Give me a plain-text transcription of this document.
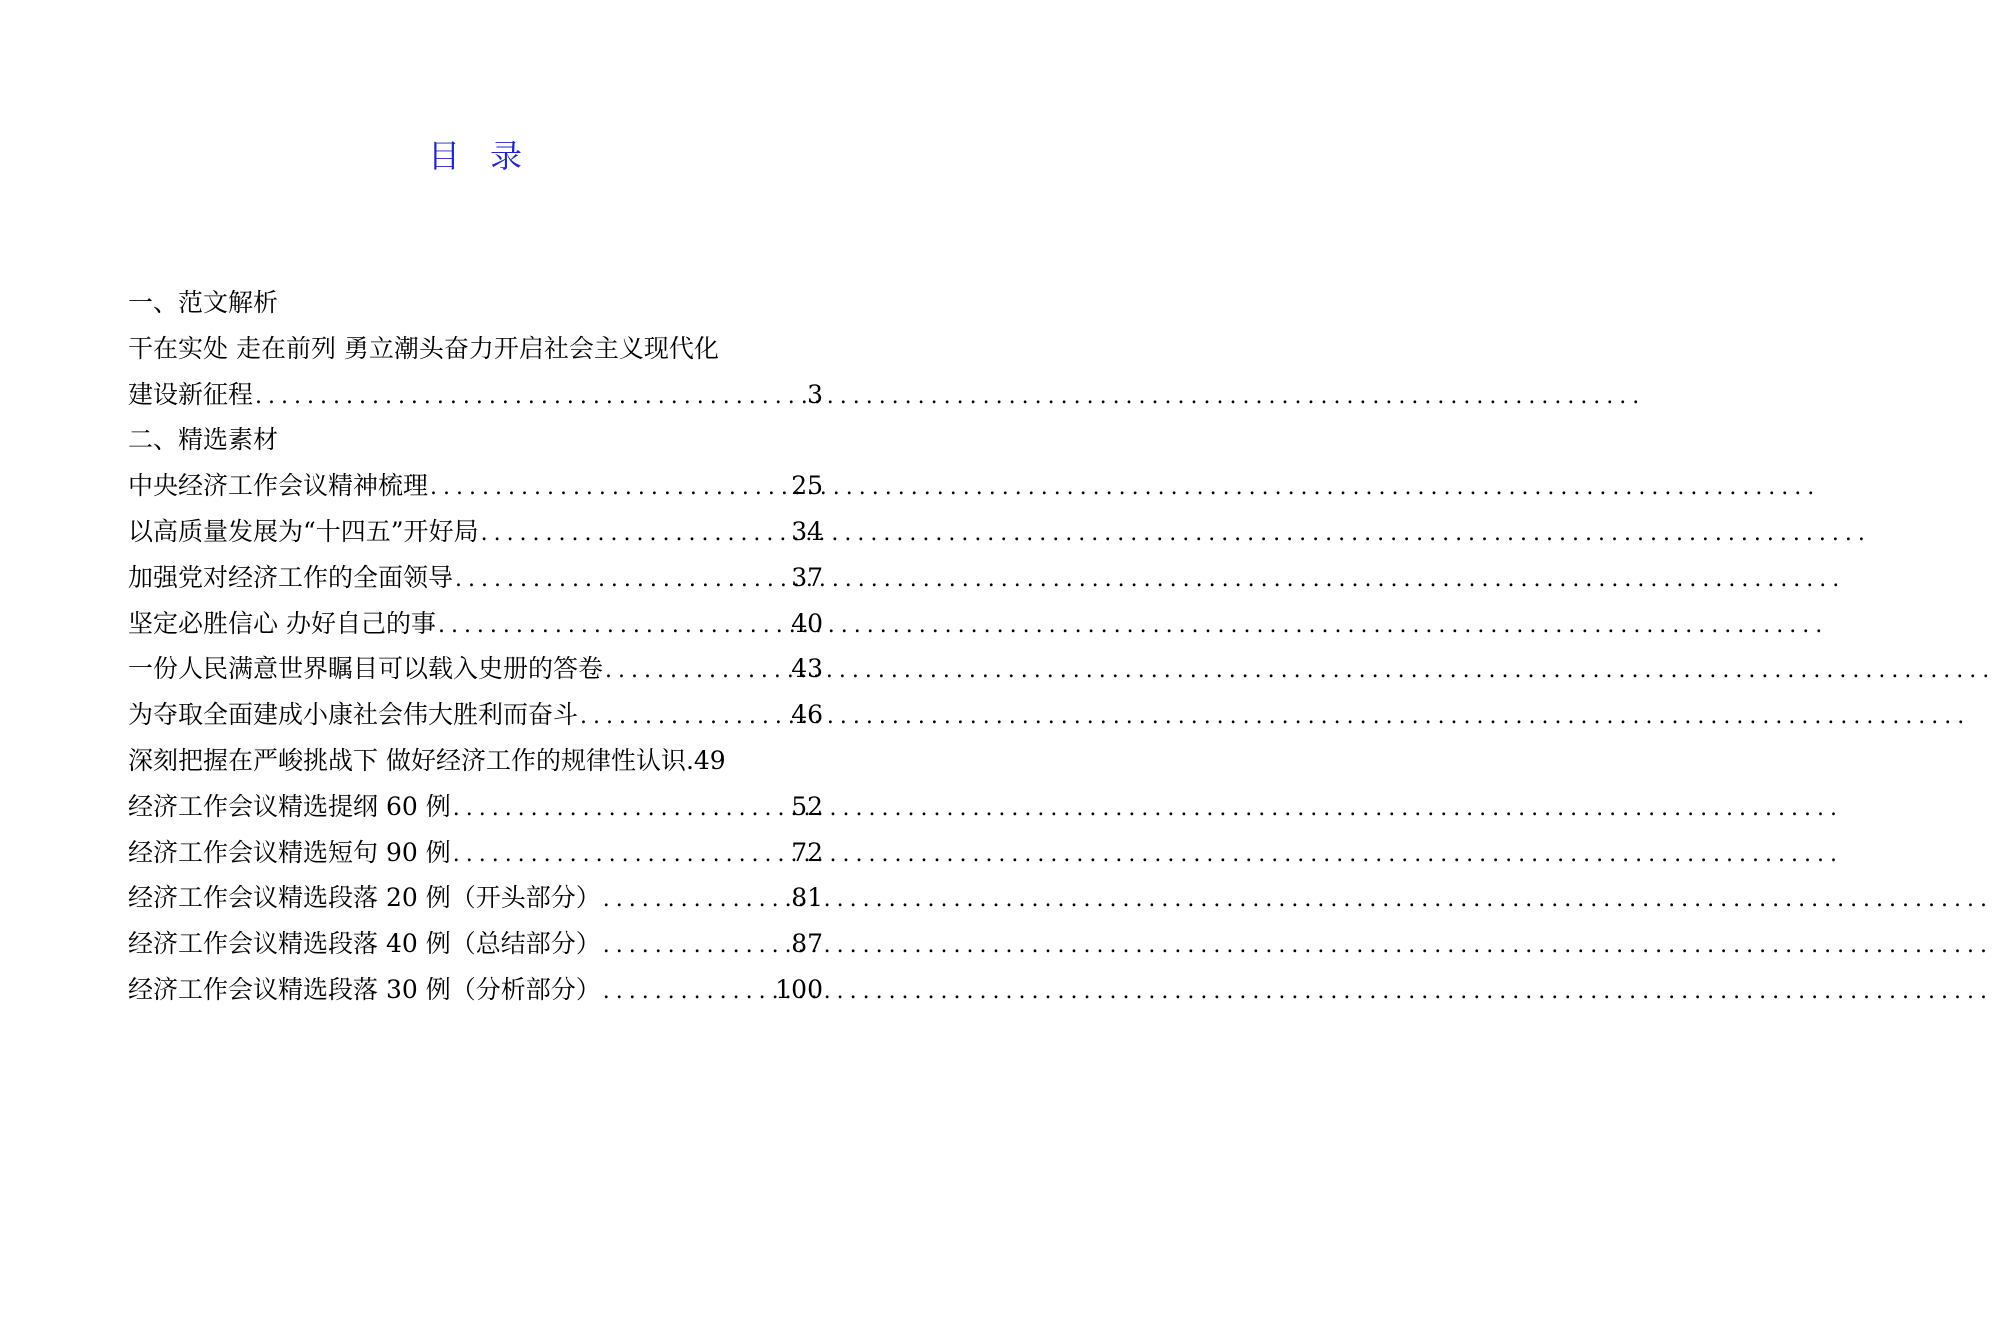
目录
一、范文解析
干在实处 走在前列 勇立潮头奋力开启社会主义现代化
建设新征程 .....	3
二、精选素材
中央经济工作会议精神梳理 .....	25
以高质量发展为“十四五”开好局 .....	34
加强党对经济工作的全面领导 .....	37
坚定必胜信心 办好自己的事 .....	40
一份人民满意世界瞩目可以载入史册的答卷 .....	43
为夺取全面建成小康社会伟大胜利而奋斗 .....	46
深刻把握在严峻挑战下 做好经济工作的规律性认识. 49
经济工作会议精选提纲 60 例 .....	52
经济工作会议精选短句 90 例 .....	72
经济工作会议精选段落 20 例（开头部分） .....	81
经济工作会议精选段落 40 例（总结部分） .....	87
经济工作会议精选段落 30 例（分析部分） .....	100
